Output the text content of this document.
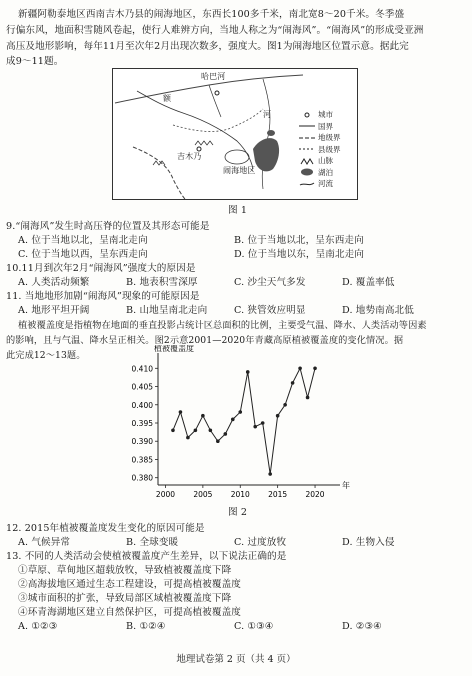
新疆阿勒泰地区西南吉木乃县的闹海地区，东西长100多千米，南北宽8～20千米。冬季盛
行偏东风，地面积雪随风卷起，使行人难辨方向，当地人称之为“闹海风”。“闹海风”的形成受亚洲
高压及地形影响，每年11月至次年2月出现次数多，强度大。图1为闹海地区位置示意。据此完
成9～11题。
哈巴河
额
河
吉木乃
闹海地区
城市
国界
地级界
县级界
山脉
湖泊
河流
图 1
9.“闹海风”发生时高压脊的位置及其形态可能是
A. 位于当地以北，呈南北走向	B. 位于当地以北，呈东西走向
C. 位于当地以西，呈东西走向	D. 位于当地以东，呈南北走向
10.11月到次年2月“闹海风”强度大的原因是
A. 人类活动频繁	B. 地表积雪深厚	C. 沙尘天气多发	D. 覆盖率低
11. 当地地形加剧“闹海风”现象的可能原因是
A. 地形平坦开阔	B. 山地呈南北走向	C. 狭管效应明显	D. 地势南高北低
植被覆盖度是指植物在地面的垂直投影占统计区总面积的比例，主要受气温、降水、人类活动等因素
的影响，且与气温、降水呈正相关。图2示意2001—2020年青藏高原植被覆盖度的变化情况。据
此完成12～13题。
植被覆盖度
年
0.410
0.405
0.400
0.395
0.390
0.385
0.380
2000 2005 2010 2015 2020
图 2
12. 2015年植被覆盖度发生变化的原因可能是
A. 气候异常	B. 全球变暖	C. 过度放牧	D. 生物入侵
13. 不同的人类活动会使植被覆盖度产生差异，以下说法正确的是
①草原、草甸地区超载放牧，导致植被覆盖度下降
②高海拔地区通过生态工程建设，可提高植被覆盖度
③城市面积的扩张，导致局部区域植被覆盖度下降
④环青海湖地区建立自然保护区，可提高植被覆盖度
A. ①②③	B. ①②④	C. ①③④	D. ②③④
地理试卷第 2 页（共 4 页）
